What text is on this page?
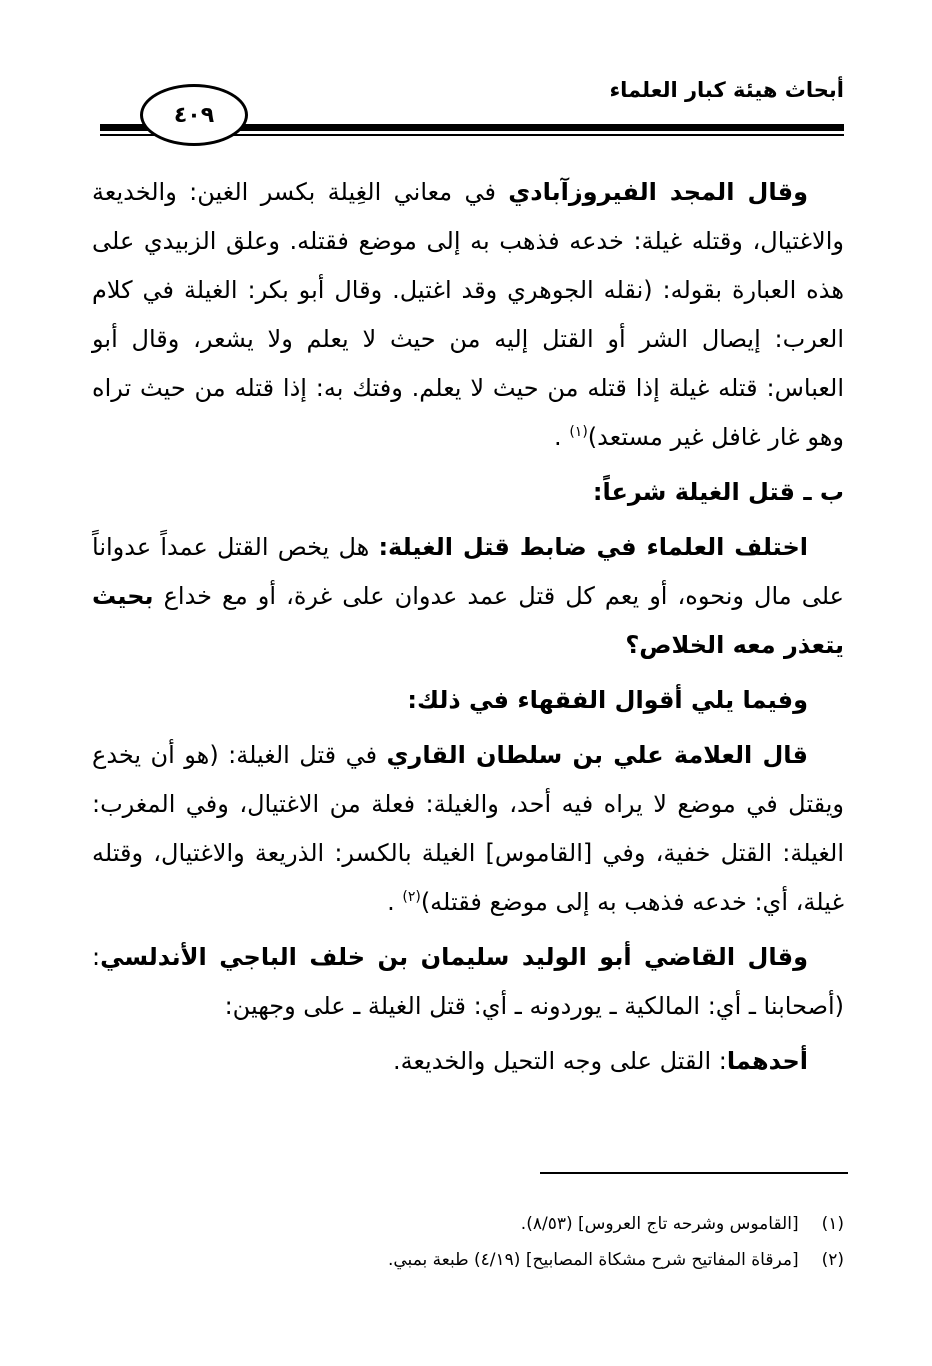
أبحاث هيئة كبار العلماء
٤٠٩

وقال المجد الفيروزآبادي في معاني الغِيلة بكسر الغين: والخديعة والاغتيال، وقتله غيلة: خدعه فذهب به إلى موضع فقتله. وعلق الزبيدي على هذه العبارة بقوله: (نقله الجوهري وقد اغتيل. وقال أبو بكر: الغيلة في كلام العرب: إيصال الشر أو القتل إليه من حيث لا يعلم ولا يشعر، وقال أبو العباس: قتله غيلة إذا قتله من حيث لا يعلم. وفتك به: إذا قتله من حيث تراه وهو غار غافل غير مستعد)$^{(١)}$ .

ب ـ قتل الغيلة شرعاً:

اختلف العلماء في ضابط قتل الغيلة: هل يخص القتل عمداً عدواناً على مال ونحوه، أو يعم كل قتل عمد عدوان على غرة، أو مع خداع بحيث يتعذر معه الخلاص؟

وفيما يلي أقوال الفقهاء في ذلك:

قال العلامة علي بن سلطان القاري في قتل الغيلة: (هو أن يخدع ويقتل في موضع لا يراه فيه أحد، والغيلة: فعلة من الاغتيال، وفي المغرب: الغيلة: القتل خفية، وفي [القاموس] الغيلة بالكسر: الذريعة والاغتيال، وقتله غيلة، أي: خدعه فذهب به إلى موضع فقتله)$^{(٢)}$ .

وقال القاضي أبو الوليد سليمان بن خلف الباجي الأندلسي: (أصحابنا ـ أي: المالكية ـ يوردونه ـ أي: قتل الغيلة ـ على وجهين:

أحدهما: القتل على وجه التحيل والخديعة.

(١) [القاموس وشرحه تاج العروس] (٨/٥٣).
(٢) [مرقاة المفاتيح شرح مشكاة المصابيح] (٤/١٩) طبعة بمبي.
